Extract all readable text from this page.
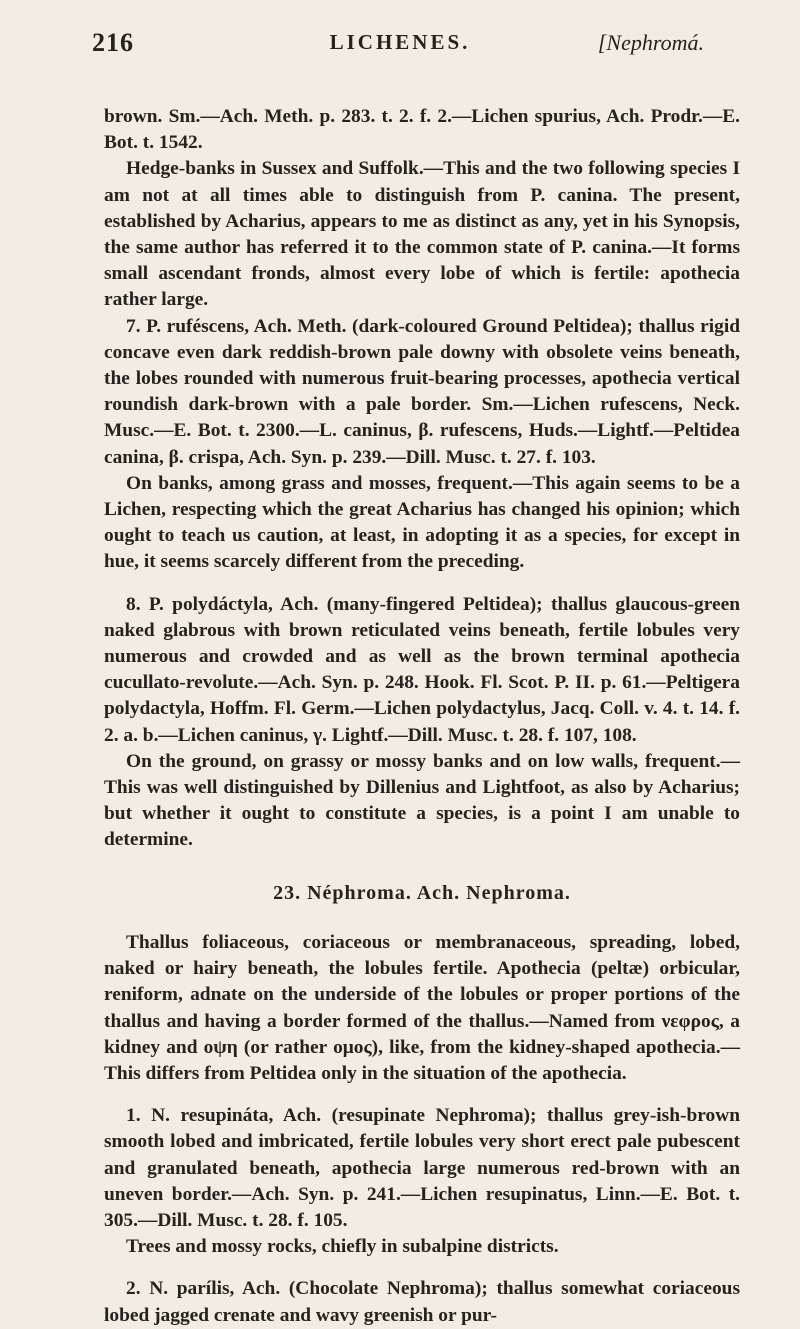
216	LICHENES.	[Nephromá.

brown. Sm.—Ach. Meth. p. 283. t. 2. f. 2.—Lichen spurius, Ach. Prodr.—E. Bot. t. 1542.

Hedge-banks in Sussex and Suffolk.—This and the two following species I am not at all times able to distinguish from P. canina. The present, established by Acharius, appears to me as distinct as any, yet in his Synopsis, the same author has referred it to the common state of P. canina.—It forms small ascendant fronds, almost every lobe of which is fertile: apothecia rather large.

7. P. ruféscens, Ach. Meth. (dark-coloured Ground Peltidea); thallus rigid concave even dark reddish-brown pale downy with obsolete veins beneath, the lobes rounded with numerous fruit-bearing processes, apothecia vertical roundish dark-brown with a pale border. Sm.—Lichen rufescens, Neck. Musc.—E. Bot. t. 2300.—L. caninus, β. rufescens, Huds.—Lightf.—Peltidea canina, β. crispa, Ach. Syn. p. 239.—Dill. Musc. t. 27. f. 103.

On banks, among grass and mosses, frequent.—This again seems to be a Lichen, respecting which the great Acharius has changed his opinion; which ought to teach us caution, at least, in adopting it as a species, for except in hue, it seems scarcely different from the preceding.

8. P. polydáctyla, Ach. (many-fingered Peltidea); thallus glaucous-green naked glabrous with brown reticulated veins beneath, fertile lobules very numerous and crowded and as well as the brown terminal apothecia cucullato-revolute.—Ach. Syn. p. 248. Hook. Fl. Scot. P. II. p. 61.—Peltigera polydactyla, Hoffm. Fl. Germ.—Lichen polydactylus, Jacq. Coll. v. 4. t. 14. f. 2. a. b.—Lichen caninus, γ. Lightf.—Dill. Musc. t. 28. f. 107, 108.

On the ground, on grassy or mossy banks and on low walls, frequent.—This was well distinguished by Dillenius and Lightfoot, as also by Acharius; but whether it ought to constitute a species, is a point I am unable to determine.

23. Néphroma. Ach. Nephroma.

Thallus foliaceous, coriaceous or membranaceous, spreading, lobed, naked or hairy beneath, the lobules fertile. Apothecia (peltæ) orbicular, reniform, adnate on the underside of the lobules or proper portions of the thallus and having a border formed of the thallus.—Named from νεφρος, a kidney and οψη (or rather ομος), like, from the kidney-shaped apothecia.—This differs from Peltidea only in the situation of the apothecia.

1. N. resupináta, Ach. (resupinate Nephroma); thallus grey-ish-brown smooth lobed and imbricated, fertile lobules very short erect pale pubescent and granulated beneath, apothecia large numerous red-brown with an uneven border.—Ach. Syn. p. 241.—Lichen resupinatus, Linn.—E. Bot. t. 305.—Dill. Musc. t. 28. f. 105.

Trees and mossy rocks, chiefly in subalpine districts.

2. N. parílis, Ach. (Chocolate Nephroma); thallus somewhat coriaceous lobed jagged crenate and wavy greenish or pur-
